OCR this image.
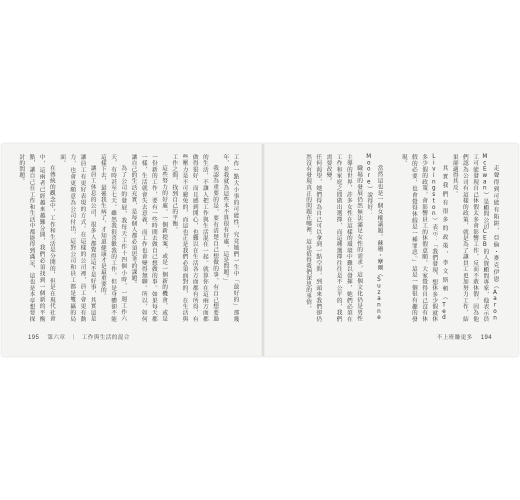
工作一點大小事的可能性，究竟她們一生中「最好的」那幾年，並我就為這些本不算很有好處，這是問題。」

我認為重要的是，要有清楚自己想做的事、有自己想要過的生活，不讓人把工作與生活混在一起。就算你在這兩方面都做得很好，而且感到開心，也難以在生活各方面都有所得，有些壓力是不可避免的，而這也正是我們必須面對的，在生活與工作之間，找到自己的平衡。

這些努力的好處，一個新提案，或是一個新的機會，或是一份新的工作，要有一些時間去做自己想做的事。如果每天都一樣，生活就會失去意義，而工作也會變得無聊。所以，如何讓自己的生活充實，是每個人都必須思考的課題。

為了公司的發展，我每天工作十四個小時，一週工作六天，有時甚至七天。雖然我很喜歡我的工作，但是身體卻不能這樣下去，最後我生病了，才知道健康才是最重要的。

讓員工休息的公司，很多人都覺得這不是好事，其實這是讓員工有更好表現的方式。在這樣的公司裡，員工會更有動力，也會更願意為公司付出，這對公司和員工都是雙贏的局面。

在傳統的觀念中，工作和生活是分開的，但是在現代社會中，這兩者已經越來越難分開，我們必須找到一個新的平衡點，讓自己在工作和生活中都能得到滿足，這也是本章想要探討的問題。	走聲得到可能有陷阱，亞倫・麥克伊恩（Aaron McEwan）是顧問公司CEB的人資顧問專家，他表示員工可能發現自己休假太多會影響工作，反而不敢休假，因為他們認為公司有這樣的政策，就是為了讓員工更加努力工作，結果卻適得其反。

其實我們有很多的政策，李文斯頓（Ted Livingston）表示：「我們發現，想休多少假就休多少假的政策，會影響員工的休假意願，大家覺得自己沒有休假的必要，也會覺得休假是一種罪惡。」這是一個很有趣的發現。

當然這也是一個女權議題。蘇珊・摩爾（Suzanne Moore）說得好：

職場的發展仍然無法滿足女性的需求，這個文化仍是男性主導的世界，許多女性在這樣的環境中難以發揮，她們必須在工作和家庭之間做出選擇，而這種選擇往往是不公平的，我們需要改變。

任何渴望，她們得為自己可以拿到一點空間，到頭來我們卻仍然沒有發現真正的問題在哪裡，這是值得我們深思的事情。

195 第六章 ｜ 工作與生活的混合	不上班賺更多 194
